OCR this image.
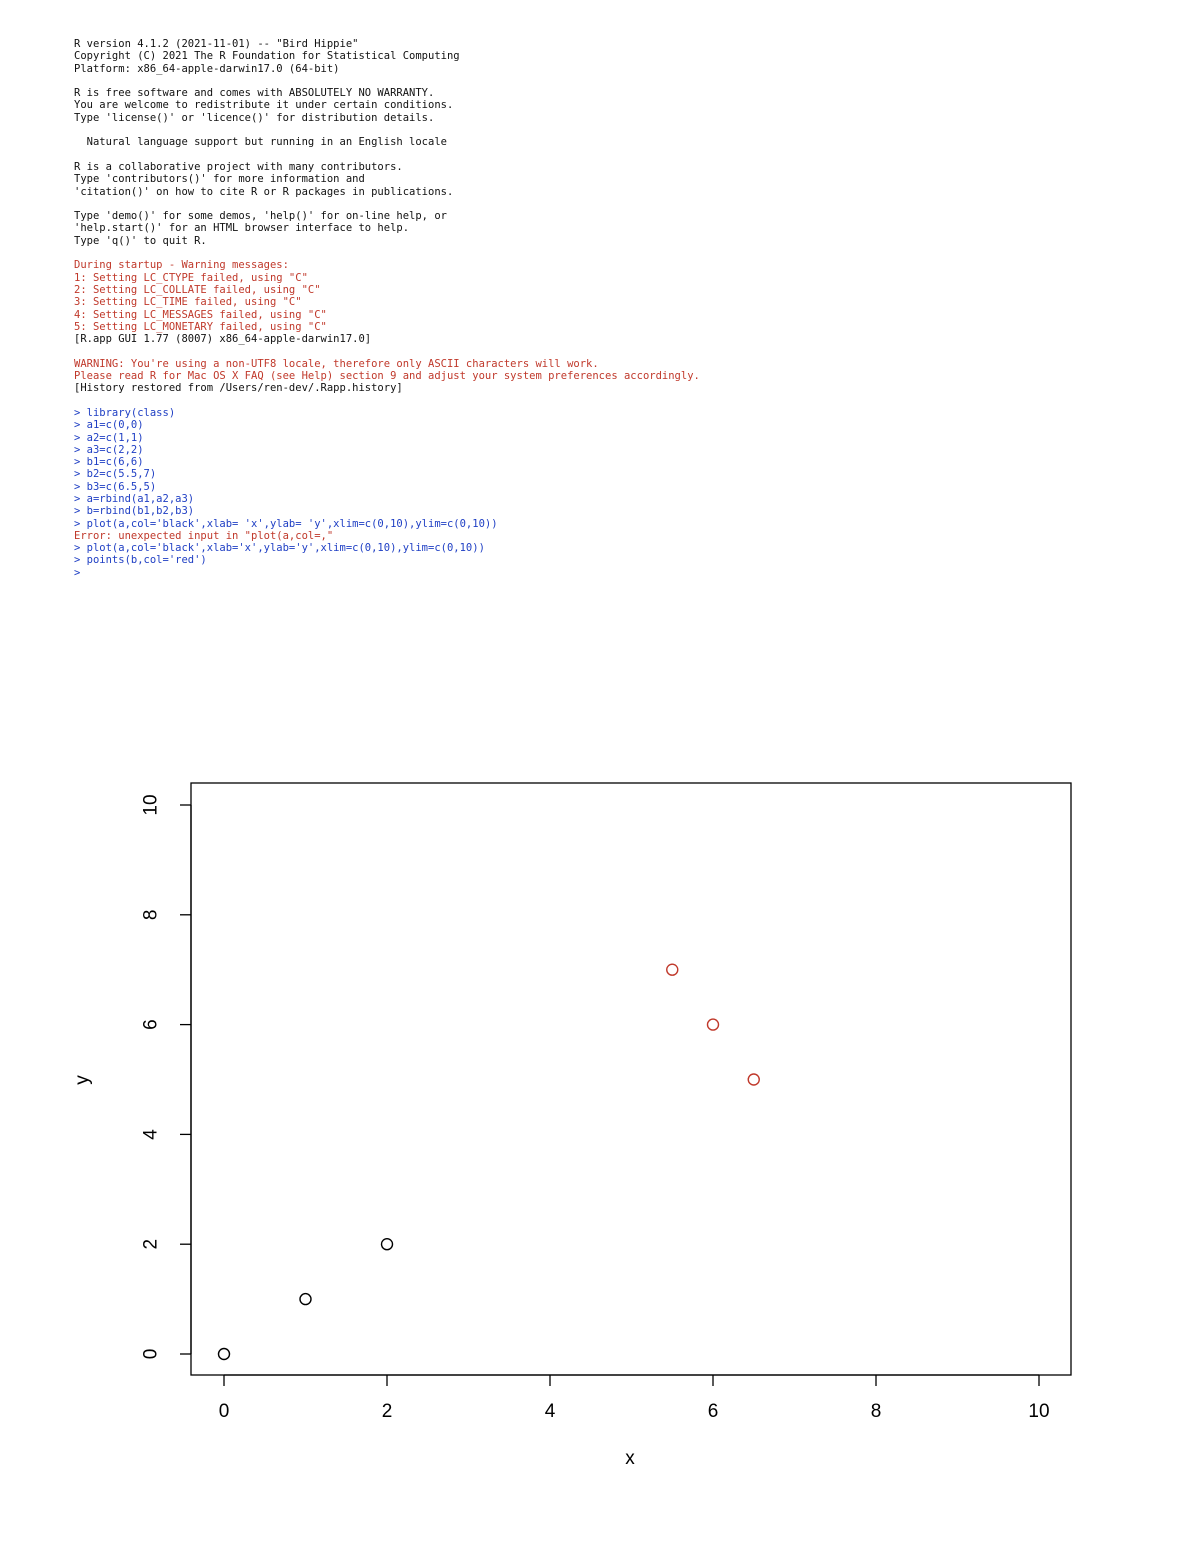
R version 4.1.2 (2021-11-01) -- "Bird Hippie"
Copyright (C) 2021 The R Foundation for Statistical Computing
Platform: x86_64-apple-darwin17.0 (64-bit)
R is free software and comes with ABSOLUTELY NO WARRANTY.
You are welcome to redistribute it under certain conditions.
Type 'license()' or 'licence()' for distribution details.
Natural language support but running in an English locale
R is a collaborative project with many contributors.
Type 'contributors()' for more information and
'citation()' on how to cite R or R packages in publications.
Type 'demo()' for some demos, 'help()' for on-line help, or
'help.start()' for an HTML browser interface to help.
Type 'q()' to quit R.
During startup - Warning messages:
1: Setting LC_CTYPE failed, using "C"
2: Setting LC_COLLATE failed, using "C"
3: Setting LC_TIME failed, using "C"
4: Setting LC_MESSAGES failed, using "C"
5: Setting LC_MONETARY failed, using "C"
[R.app GUI 1.77 (8007) x86_64-apple-darwin17.0]
WARNING: You're using a non-UTF8 locale, therefore only ASCII characters will work.
Please read R for Mac OS X FAQ (see Help) section 9 and adjust your system preferences accordingly.
[History restored from /Users/ren-dev/.Rapp.history]
> library(class)
> a1=c(0,0)
> a2=c(1,1)
> a3=c(2,2)
> b1=c(6,6)
> b2=c(5.5,7)
> b3=c(6.5,5)
> a=rbind(a1,a2,a3)
> b=rbind(b1,b2,b3)
> plot(a,col='black',xlab= 'x',ylab= 'y',xlim=c(0,10),ylim=c(0,10))
Error: unexpected input in "plot(a,col=,"
> plot(a,col='black',xlab='x',ylab='y',xlim=c(0,10),ylim=c(0,10))
> points(b,col='red')
>
0	2	4	6	8	10
0
2
4
6
8
10
x
y
